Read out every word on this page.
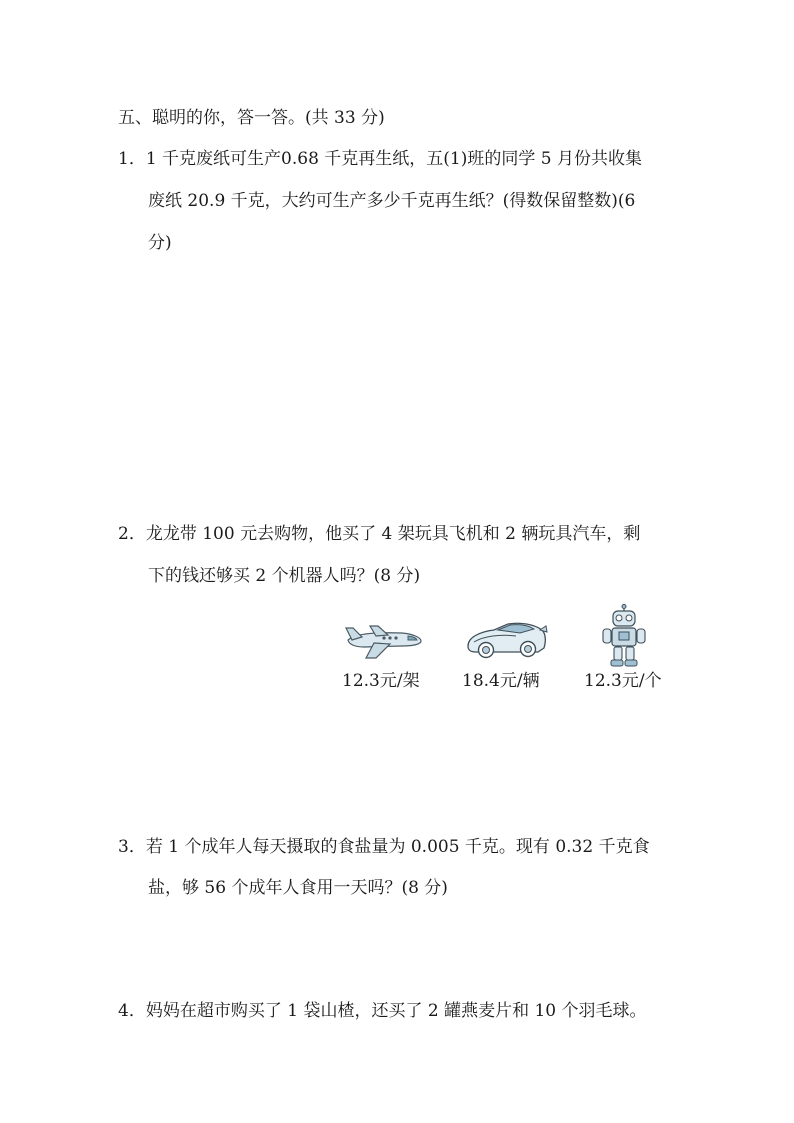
五、聪明的你，答一答。(共 33 分)
1．1 千克废纸可生产0.68 千克再生纸，五(1)班的同学 5 月份共收集
废纸 20.9 千克，大约可生产多少千克再生纸？(得数保留整数)(6
分)
2．龙龙带 100 元去购物，他买了 4 架玩具飞机和 2 辆玩具汽车，剩
下的钱还够买 2 个机器人吗？(8 分)
12.3元/架 18.4元/辆	12.3元/个
3．若 1 个成年人每天摄取的食盐量为 0.005 千克。现有 0.32 千克食
盐，够 56 个成年人食用一天吗？(8 分)
4．妈妈在超市购买了 1 袋山楂，还买了 2 罐燕麦片和 10 个羽毛球。
